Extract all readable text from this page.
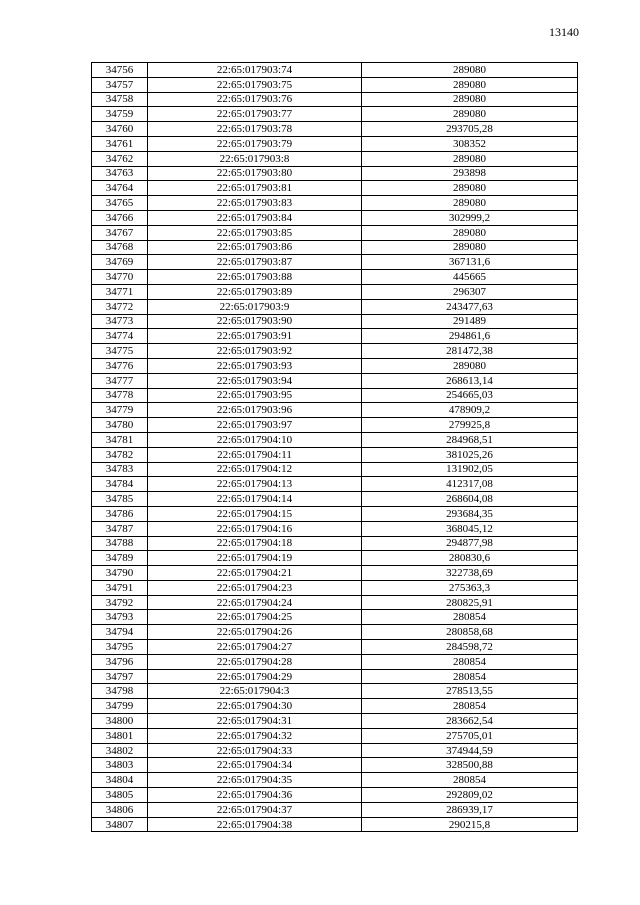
13140
34756	22:65:017903:74	289080
34757	22:65:017903:75	289080
34758	22:65:017903:76	289080
34759	22:65:017903:77	289080
34760	22:65:017903:78	293705,28
34761	22:65:017903:79	308352
34762	22:65:017903:8	289080
34763	22:65:017903:80	293898
34764	22:65:017903:81	289080
34765	22:65:017903:83	289080
34766	22:65:017903:84	302999,2
34767	22:65:017903:85	289080
34768	22:65:017903:86	289080
34769	22:65:017903:87	367131,6
34770	22:65:017903:88	445665
34771	22:65:017903:89	296307
34772	22:65:017903:9	243477,63
34773	22:65:017903:90	291489
34774	22:65:017903:91	294861,6
34775	22:65:017903:92	281472,38
34776	22:65:017903:93	289080
34777	22:65:017903:94	268613,14
34778	22:65:017903:95	254665,03
34779	22:65:017903:96	478909,2
34780	22:65:017903:97	279925,8
34781	22:65:017904:10	284968,51
34782	22:65:017904:11	381025,26
34783	22:65:017904:12	131902,05
34784	22:65:017904:13	412317,08
34785	22:65:017904:14	268604,08
34786	22:65:017904:15	293684,35
34787	22:65:017904:16	368045,12
34788	22:65:017904:18	294877,98
34789	22:65:017904:19	280830,6
34790	22:65:017904:21	322738,69
34791	22:65:017904:23	275363,3
34792	22:65:017904:24	280825,91
34793	22:65:017904:25	280854
34794	22:65:017904:26	280858,68
34795	22:65:017904:27	284598,72
34796	22:65:017904:28	280854
34797	22:65:017904:29	280854
34798	22:65:017904:3	278513,55
34799	22:65:017904:30	280854
34800	22:65:017904:31	283662,54
34801	22:65:017904:32	275705,01
34802	22:65:017904:33	374944,59
34803	22:65:017904:34	328500,88
34804	22:65:017904:35	280854
34805	22:65:017904:36	292809,02
34806	22:65:017904:37	286939,17
34807	22:65:017904:38	290215,8
